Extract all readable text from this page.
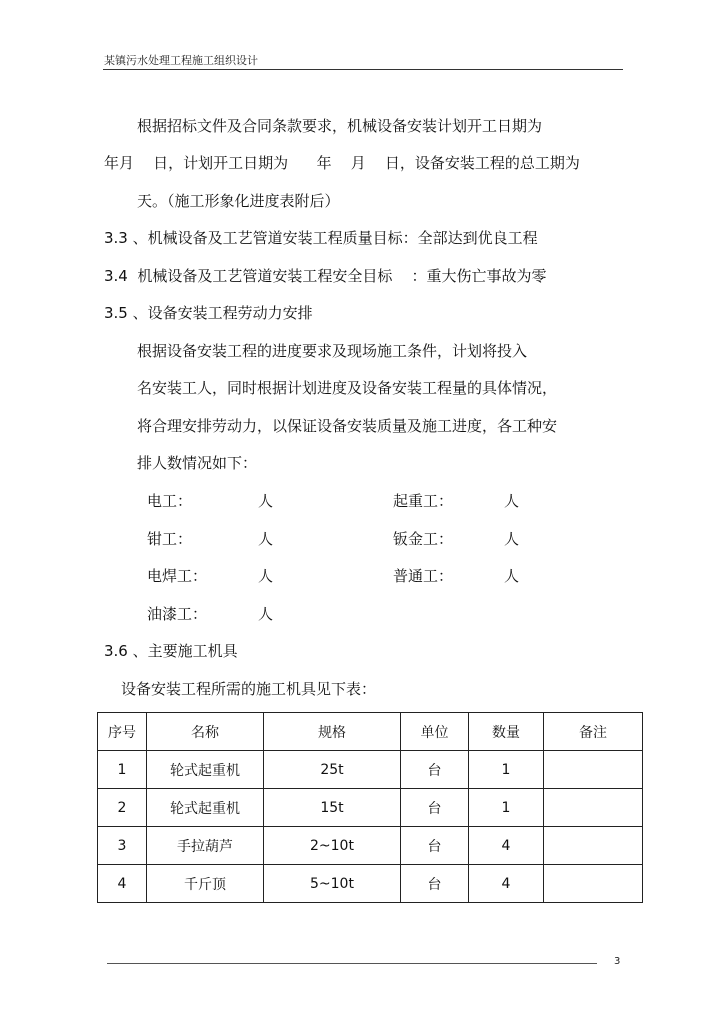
某镇污水处理工程施工组织设计
根据招标文件及合同条款要求，机械设备安装计划开工日期为
年月    日，计划开工日期为      年    月    日，设备安装工程的总工期为
天。（施工形象化进度表附后）
3.3 、机械设备及工艺管道安装工程质量目标：全部达到优良工程
3.4  机械设备及工艺管道安装工程安全目标    ：重大伤亡事故为零
3.5 、设备安装工程劳动力安排
根据设备安装工程的进度要求及现场施工条件，计划将投入
名安装工人，同时根据计划进度及设备安装工程量的具体情况，
将合理安排劳动力，以保证设备安装质量及施工进度，各工种安
排人数情况如下：
电工：	人	起重工：	人
钳工：	人	钣金工：	人
电焊工：	人	普通工：	人
油漆工：	人
3.6 、主要施工机具
设备安装工程所需的施工机具见下表：
序号	名称	规格	单位	数量	备注
1	轮式起重机	25t	台	1	
2	轮式起重机	15t	台	1	
3	手拉葫芦	2~10t	台	4	
4	千斤顶	5~10t	台	4	
3
